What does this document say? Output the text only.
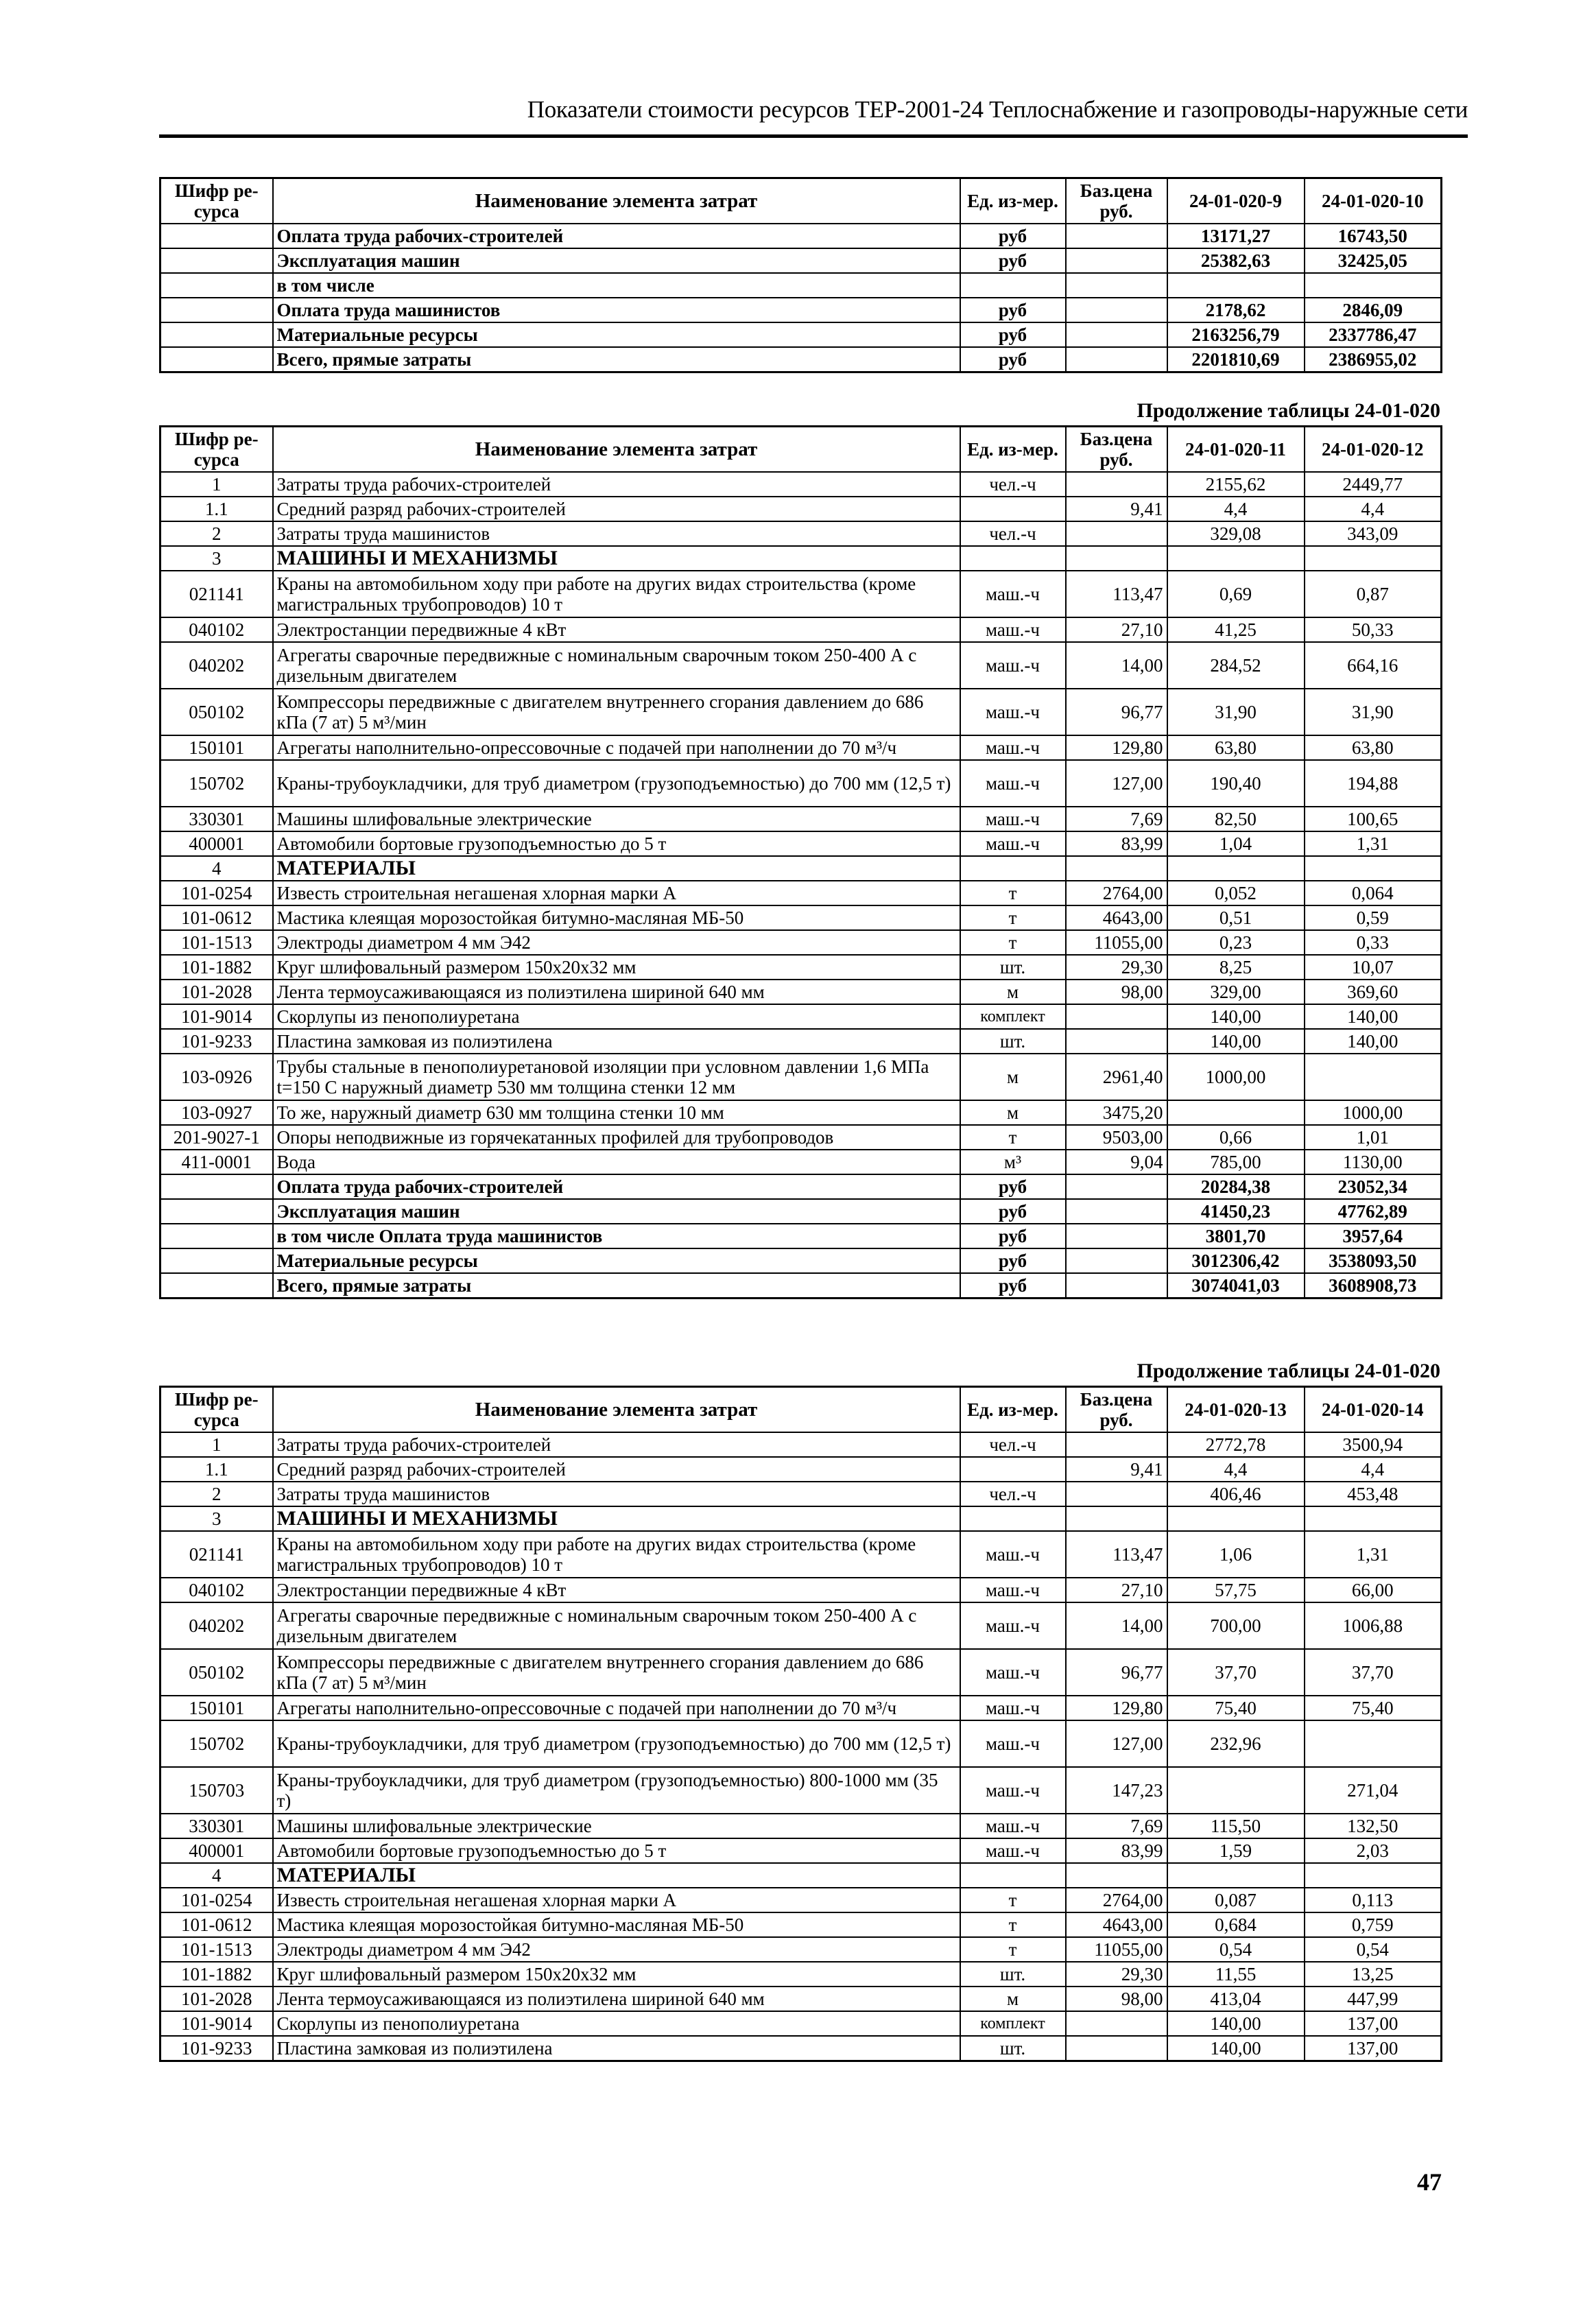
Показатели стоимости ресурсов ТЕР-2001-24 Теплоснабжение и газопроводы-наружные сети
Шифр ре-сурса	Наименование элемента затрат	Ед. из-мер.	Баз.цена руб.	24-01-020-9	24-01-020-10
	Оплата труда рабочих-строителей	руб		13171,27	16743,50
	Эксплуатация машин	руб		25382,63	32425,05
	в том числе				
	Оплата труда машинистов	руб		2178,62	2846,09
	Материальные ресурсы	руб		2163256,79	2337786,47
	Всего, прямые затраты	руб		2201810,69	2386955,02
Продолжение таблицы 24-01-020
Шифр ре-сурса	Наименование элемента затрат	Ед. из-мер.	Баз.цена руб.	24-01-020-11	24-01-020-12
1	Затраты труда рабочих-строителей	чел.-ч		2155,62	2449,77
1.1	Средний разряд рабочих-строителей		9,41	4,4	4,4
2	Затраты труда машинистов	чел.-ч		329,08	343,09
3	МАШИНЫ И МЕХАНИЗМЫ				
021141	Краны на автомобильном ходу при работе на других видах строительства (кроме магистральных трубопроводов) 10 т	маш.-ч	113,47	0,69	0,87
040102	Электростанции передвижные 4 кВт	маш.-ч	27,10	41,25	50,33
040202	Агрегаты сварочные передвижные с номинальным сварочным током 250-400 А с дизельным двигателем	маш.-ч	14,00	284,52	664,16
050102	Компрессоры передвижные с двигателем внутреннего сгорания давлением до 686 кПа (7 ат) 5 м³/мин	маш.-ч	96,77	31,90	31,90
150101	Агрегаты наполнительно-опрессовочные с подачей при наполнении до 70 м³/ч	маш.-ч	129,80	63,80	63,80
150702	Краны-трубоукладчики, для труб диаметром (грузоподъемностью) до 700 мм (12,5 т)	маш.-ч	127,00	190,40	194,88
330301	Машины шлифовальные электрические	маш.-ч	7,69	82,50	100,65
400001	Автомобили бортовые грузоподъемностью до 5 т	маш.-ч	83,99	1,04	1,31
4	МАТЕРИАЛЫ				
101-0254	Известь строительная негашеная хлорная марки А	т	2764,00	0,052	0,064
101-0612	Мастика клеящая морозостойкая битумно-масляная МБ-50	т	4643,00	0,51	0,59
101-1513	Электроды диаметром 4 мм Э42	т	11055,00	0,23	0,33
101-1882	Круг шлифовальный размером 150х20х32 мм	шт.	29,30	8,25	10,07
101-2028	Лента термоусаживающаяся из полиэтилена шириной 640 мм	м	98,00	329,00	369,60
101-9014	Скорлупы из пенополиуретана	комплект		140,00	140,00
101-9233	Пластина замковая из полиэтилена	шт.		140,00	140,00
103-0926	Трубы стальные в пенополиуретановой изоляции при условном давлении 1,6 МПа t=150 С наружный диаметр 530 мм толщина стенки 12 мм	м	2961,40	1000,00	
103-0927	То же, наружный диаметр 630 мм толщина стенки 10 мм	м	3475,20		1000,00
201-9027-1	Опоры неподвижные из горячекатанных профилей для трубопроводов	т	9503,00	0,66	1,01
411-0001	Вода	м³	9,04	785,00	1130,00
	Оплата труда рабочих-строителей	руб		20284,38	23052,34
	Эксплуатация машин	руб		41450,23	47762,89
	в том числе Оплата труда машинистов	руб		3801,70	3957,64
	Материальные ресурсы	руб		3012306,42	3538093,50
	Всего, прямые затраты	руб		3074041,03	3608908,73
Продолжение таблицы 24-01-020
Шифр ре-сурса	Наименование элемента затрат	Ед. из-мер.	Баз.цена руб.	24-01-020-13	24-01-020-14
1	Затраты труда рабочих-строителей	чел.-ч		2772,78	3500,94
1.1	Средний разряд рабочих-строителей		9,41	4,4	4,4
2	Затраты труда машинистов	чел.-ч		406,46	453,48
3	МАШИНЫ И МЕХАНИЗМЫ				
021141	Краны на автомобильном ходу при работе на других видах строительства (кроме магистральных трубопроводов) 10 т	маш.-ч	113,47	1,06	1,31
040102	Электростанции передвижные 4 кВт	маш.-ч	27,10	57,75	66,00
040202	Агрегаты сварочные передвижные с номинальным сварочным током 250-400 А с дизельным двигателем	маш.-ч	14,00	700,00	1006,88
050102	Компрессоры передвижные с двигателем внутреннего сгорания давлением до 686 кПа (7 ат) 5 м³/мин	маш.-ч	96,77	37,70	37,70
150101	Агрегаты наполнительно-опрессовочные с подачей при наполнении до 70 м³/ч	маш.-ч	129,80	75,40	75,40
150702	Краны-трубоукладчики, для труб диаметром (грузоподъемностью) до 700 мм (12,5 т)	маш.-ч	127,00	232,96	
150703	Краны-трубоукладчики, для труб диаметром (грузоподъемностью) 800-1000 мм (35 т)	маш.-ч	147,23		271,04
330301	Машины шлифовальные электрические	маш.-ч	7,69	115,50	132,50
400001	Автомобили бортовые грузоподъемностью до 5 т	маш.-ч	83,99	1,59	2,03
4	МАТЕРИАЛЫ				
101-0254	Известь строительная негашеная хлорная марки А	т	2764,00	0,087	0,113
101-0612	Мастика клеящая морозостойкая битумно-масляная МБ-50	т	4643,00	0,684	0,759
101-1513	Электроды диаметром 4 мм Э42	т	11055,00	0,54	0,54
101-1882	Круг шлифовальный размером 150х20х32 мм	шт.	29,30	11,55	13,25
101-2028	Лента термоусаживающаяся из полиэтилена шириной 640 мм	м	98,00	413,04	447,99
101-9014	Скорлупы из пенополиуретана	комплект		140,00	137,00
101-9233	Пластина замковая из полиэтилена	шт.		140,00	137,00
47
